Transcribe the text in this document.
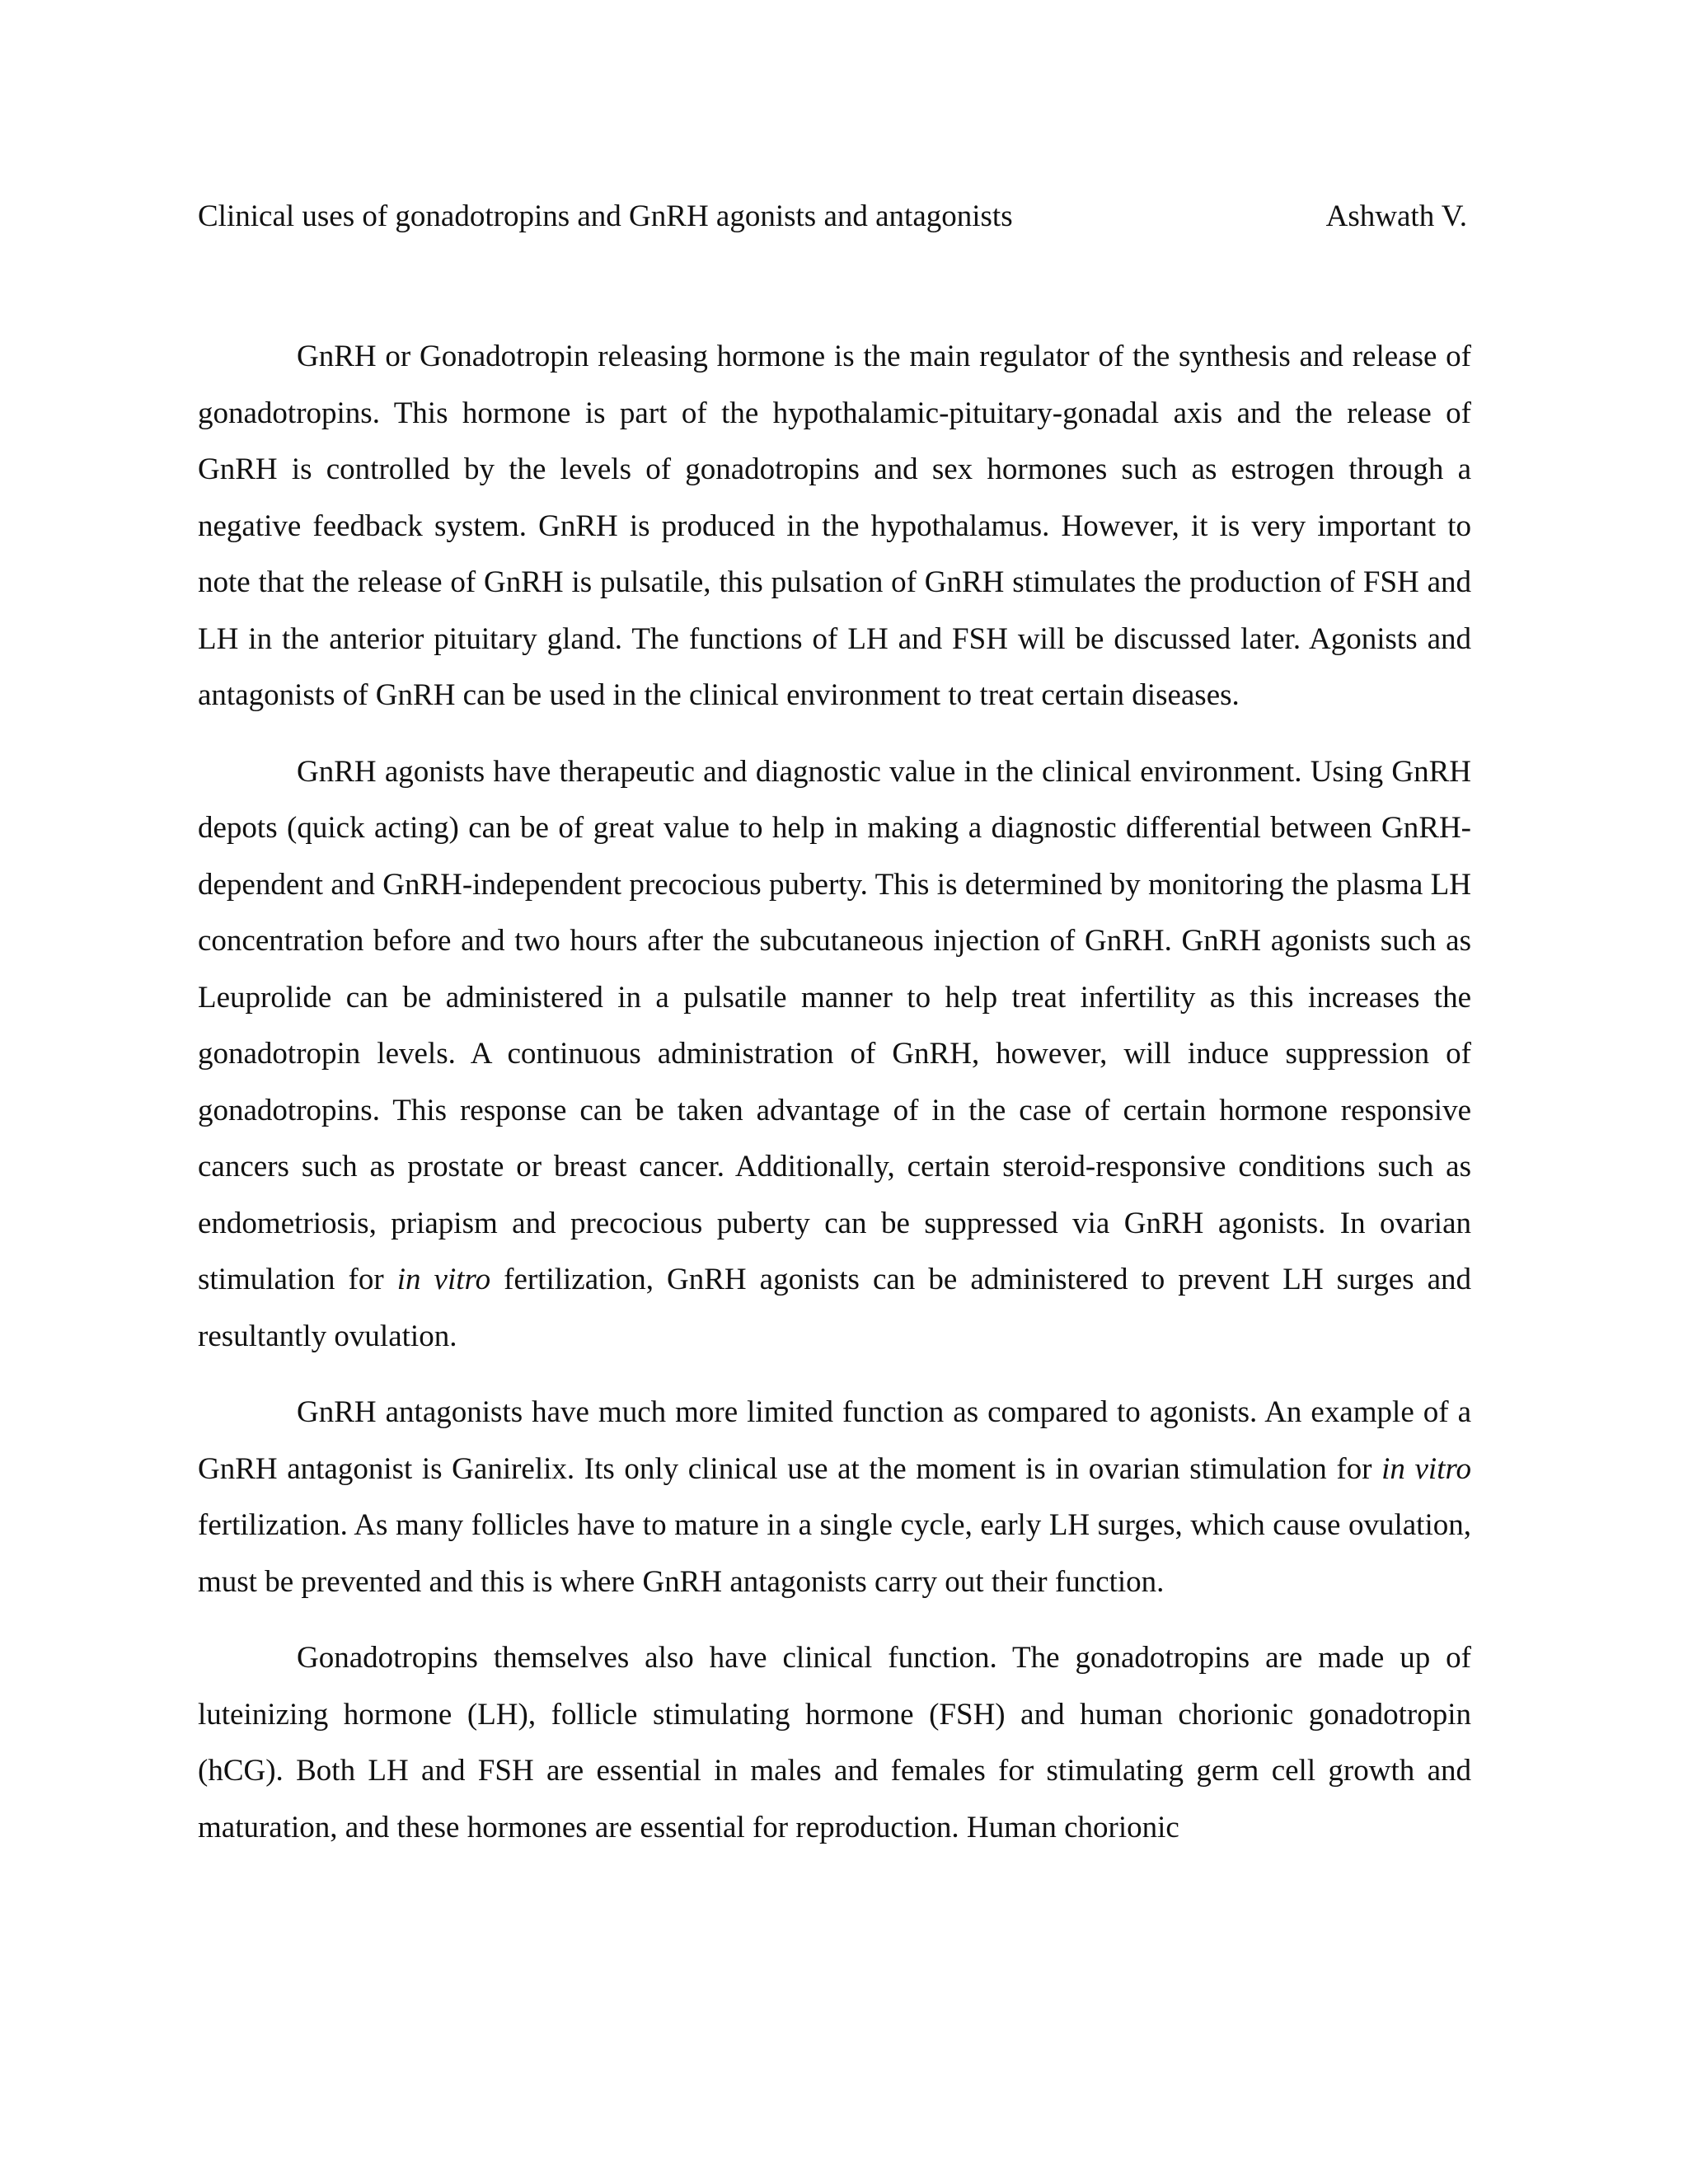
Clinical uses of gonadotropins and GnRH agonists and antagonists	Ashwath V.

GnRH or Gonadotropin releasing hormone is the main regulator of the synthesis and release of gonadotropins. This hormone is part of the hypothalamic-pituitary-gonadal axis and the release of GnRH is controlled by the levels of gonadotropins and sex hormones such as estrogen through a negative feedback system. GnRH is produced in the hypothalamus. However, it is very important to note that the release of GnRH is pulsatile, this pulsation of GnRH stimulates the production of FSH and LH in the anterior pituitary gland. The functions of LH and FSH will be discussed later. Agonists and antagonists of GnRH can be used in the clinical environment to treat certain diseases.

GnRH agonists have therapeutic and diagnostic value in the clinical environment. Using GnRH depots (quick acting) can be of great value to help in making a diagnostic differential between GnRH-dependent and GnRH-independent precocious puberty. This is determined by monitoring the plasma LH concentration before and two hours after the subcutaneous injection of GnRH. GnRH agonists such as Leuprolide can be administered in a pulsatile manner to help treat infertility as this increases the gonadotropin levels. A continuous administration of GnRH, however, will induce suppression of gonadotropins. This response can be taken advantage of in the case of certain hormone responsive cancers such as prostate or breast cancer. Additionally, certain steroid-responsive conditions such as endometriosis, priapism and precocious puberty can be suppressed via GnRH agonists. In ovarian stimulation for in vitro fertilization, GnRH agonists can be administered to prevent LH surges and resultantly ovulation.

GnRH antagonists have much more limited function as compared to agonists. An example of a GnRH antagonist is Ganirelix. Its only clinical use at the moment is in ovarian stimulation for in vitro fertilization. As many follicles have to mature in a single cycle, early LH surges, which cause ovulation, must be prevented and this is where GnRH antagonists carry out their function.

Gonadotropins themselves also have clinical function. The gonadotropins are made up of luteinizing hormone (LH), follicle stimulating hormone (FSH) and human chorionic gonadotropin (hCG). Both LH and FSH are essential in males and females for stimulating germ cell growth and maturation, and these hormones are essential for reproduction. Human chorionic
